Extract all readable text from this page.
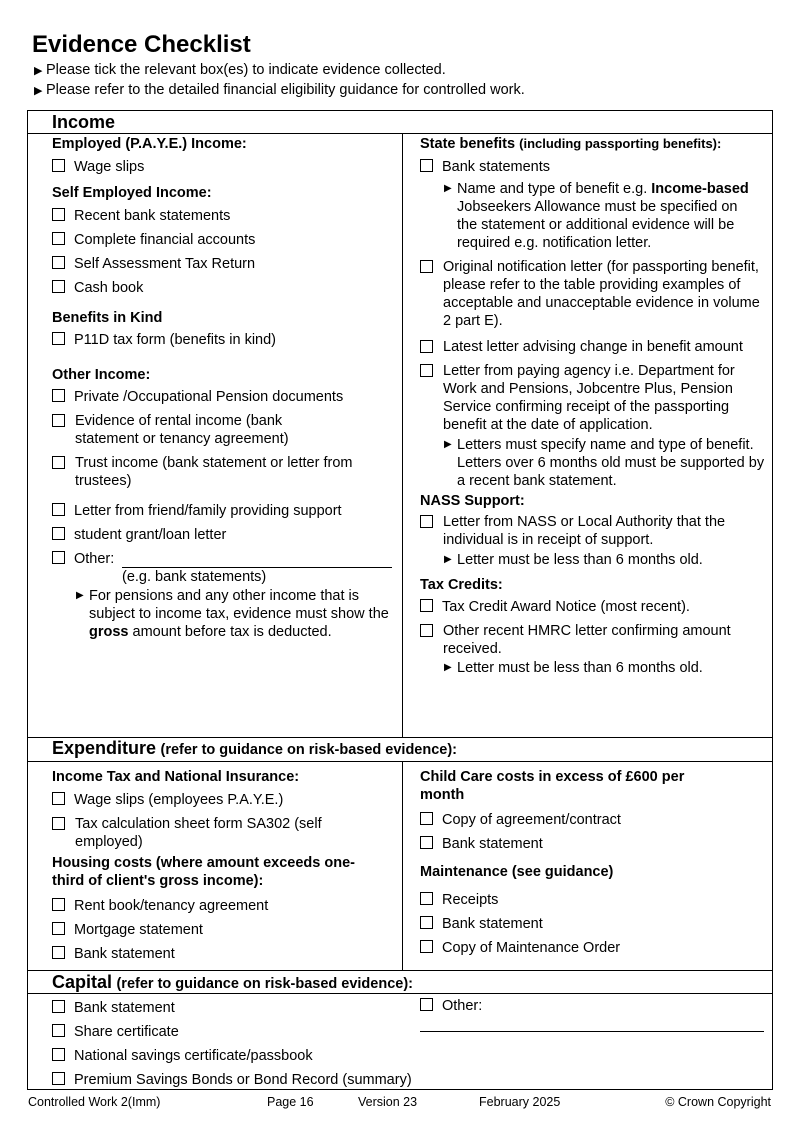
Evidence Checklist
▶ Please tick the relevant box(es) to indicate evidence collected.
▶ Please refer to the detailed financial eligibility guidance for controlled work.
Income
Employed (P.A.Y.E.) Income:
Wage slips
Self Employed Income:
Recent bank statements
Complete financial accounts
Self Assessment Tax Return
Cash book
Benefits in Kind
P11D tax form (benefits in kind)
Other Income:
Private /Occupational Pension documents
Evidence of rental income (bank statement or tenancy agreement)
Trust income (bank statement or letter from trustees)
Letter from friend/family providing support
student grant/loan letter
Other:
(e.g. bank statements)
▶ For pensions and any other income that is subject to income tax, evidence must show the gross amount before tax is deducted.
State benefits (including passporting benefits):
Bank statements
▶ Name and type of benefit e.g. Income-based Jobseekers Allowance must be specified on the statement or additional evidence will be required e.g. notification letter.
Original notification letter (for passporting benefit, please refer to the table providing examples of acceptable and unacceptable evidence in volume 2 part E).
Latest letter advising change in benefit amount
Letter from paying agency i.e. Department for Work and Pensions, Jobcentre Plus, Pension Service confirming receipt of the passporting benefit at the date of application.
▶ Letters must specify name and type of benefit. Letters over 6 months old must be supported by a recent bank statement.
NASS Support:
Letter from NASS or Local Authority that the individual is in receipt of support.
▶ Letter must be less than 6 months old.
Tax Credits:
Tax Credit Award Notice (most recent).
Other recent HMRC letter confirming amount received.
▶ Letter must be less than 6 months old.
Expenditure (refer to guidance on risk-based evidence):
Income Tax and National Insurance:
Wage slips (employees P.A.Y.E.)
Tax calculation sheet form SA302 (self employed)
Housing costs (where amount exceeds one-third of client's gross income):
Rent book/tenancy agreement
Mortgage statement
Bank statement
Child Care costs in excess of £600 per month
Copy of agreement/contract
Bank statement
Maintenance (see guidance)
Receipts
Bank statement
Copy of Maintenance Order
Capital (refer to guidance on risk-based evidence):
Bank statement
Share certificate
National savings certificate/passbook
Premium Savings Bonds or Bond Record (summary)
Other:
Controlled Work 2(Imm)	Page 16	Version 23	February 2025	© Crown Copyright
